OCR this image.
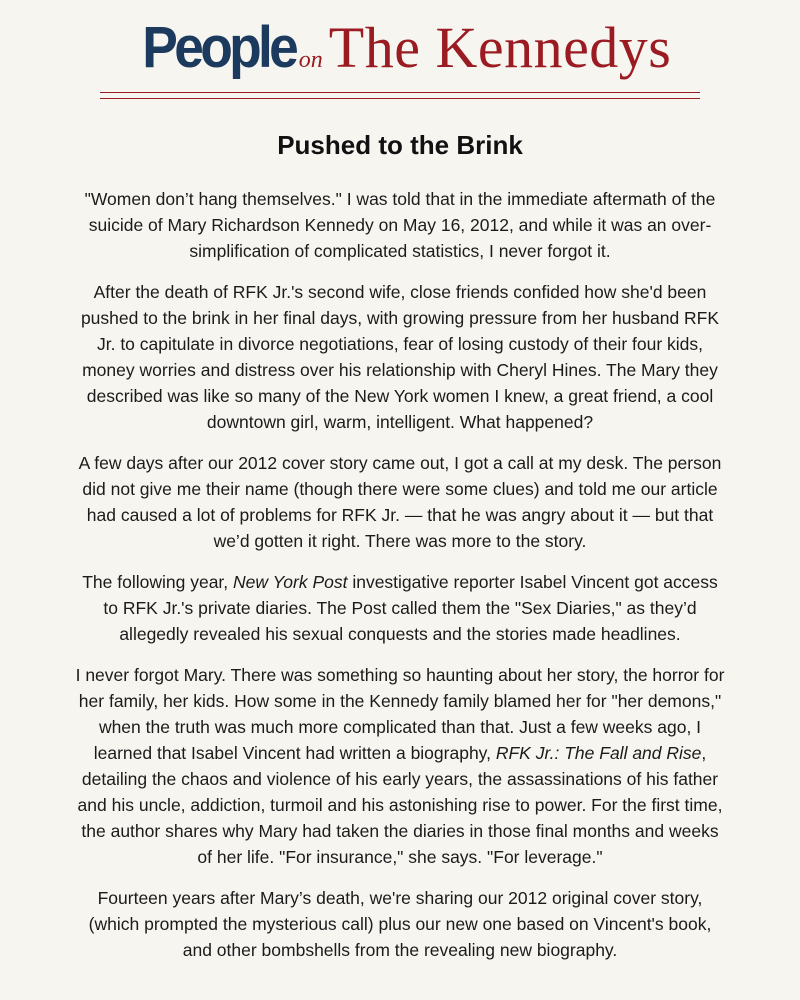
People on The Kennedys
Pushed to the Brink

"Women don’t hang themselves." I was told that in the immediate aftermath of the suicide of Mary Richardson Kennedy on May 16, 2012, and while it was an over-simplification of complicated statistics, I never forgot it.

After the death of RFK Jr.'s second wife, close friends confided how she'd been pushed to the brink in her final days, with growing pressure from her husband RFK Jr. to capitulate in divorce negotiations, fear of losing custody of their four kids, money worries and distress over his relationship with Cheryl Hines. The Mary they described was like so many of the New York women I knew, a great friend, a cool downtown girl, warm, intelligent. What happened?

A few days after our 2012 cover story came out, I got a call at my desk. The person did not give me their name (though there were some clues) and told me our article had caused a lot of problems for RFK Jr. — that he was angry about it — but that we’d gotten it right. There was more to the story.

The following year, New York Post investigative reporter Isabel Vincent got access to RFK Jr.'s private diaries. The Post called them the "Sex Diaries," as they’d allegedly revealed his sexual conquests and the stories made headlines.

I never forgot Mary. There was something so haunting about her story, the horror for her family, her kids. How some in the Kennedy family blamed her for "her demons," when the truth was much more complicated than that. Just a few weeks ago, I learned that Isabel Vincent had written a biography, RFK Jr.: The Fall and Rise, detailing the chaos and violence of his early years, the assassinations of his father and his uncle, addiction, turmoil and his astonishing rise to power. For the first time, the author shares why Mary had taken the diaries in those final months and weeks of her life. "For insurance," she says. "For leverage."

Fourteen years after Mary’s death, we're sharing our 2012 original cover story, (which prompted the mysterious call) plus our new one based on Vincent's book, and other bombshells from the revealing new biography.
